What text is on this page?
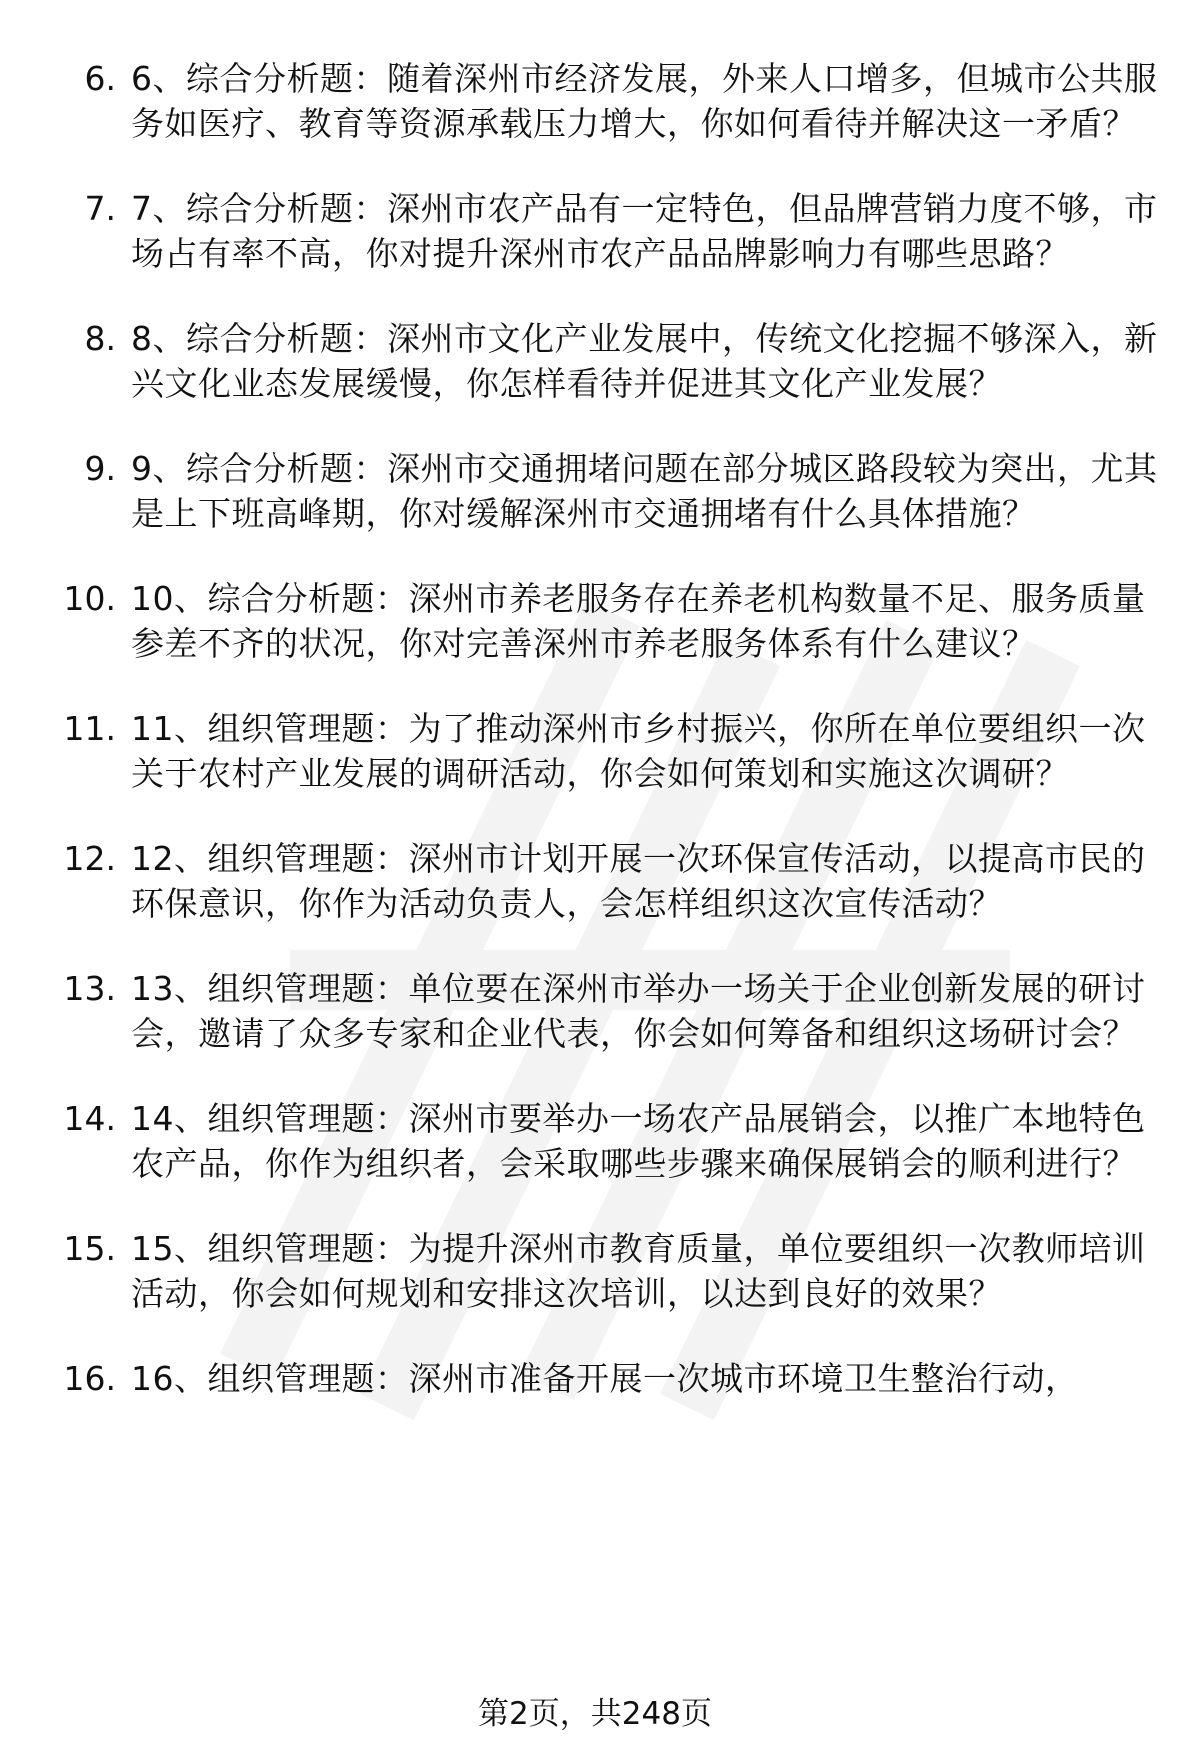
6. 6、综合分析题：随着深州市经济发展，外来人口增多，但城市公共服务如医疗、教育等资源承载压力增大，你如何看待并解决这一矛盾？
7. 7、综合分析题：深州市农产品有一定特色，但品牌营销力度不够，市场占有率不高，你对提升深州市农产品品牌影响力有哪些思路？
8. 8、综合分析题：深州市文化产业发展中，传统文化挖掘不够深入，新兴文化业态发展缓慢，你怎样看待并促进其文化产业发展？
9. 9、综合分析题：深州市交通拥堵问题在部分城区路段较为突出，尤其是上下班高峰期，你对缓解深州市交通拥堵有什么具体措施？
10. 10、综合分析题：深州市养老服务存在养老机构数量不足、服务质量参差不齐的状况，你对完善深州市养老服务体系有什么建议？
11. 11、组织管理题：为了推动深州市乡村振兴，你所在单位要组织一次关于农村产业发展的调研活动，你会如何策划和实施这次调研？
12. 12、组织管理题：深州市计划开展一次环保宣传活动，以提高市民的环保意识，你作为活动负责人，会怎样组织这次宣传活动？
13. 13、组织管理题：单位要在深州市举办一场关于企业创新发展的研讨会，邀请了众多专家和企业代表，你会如何筹备和组织这场研讨会？
14. 14、组织管理题：深州市要举办一场农产品展销会，以推广本地特色农产品，你作为组织者，会采取哪些步骤来确保展销会的顺利进行？
15. 15、组织管理题：为提升深州市教育质量，单位要组织一次教师培训活动，你会如何规划和安排这次培训，以达到良好的效果？
16. 16、组织管理题：深州市准备开展一次城市环境卫生整治行动，
第2页，共248页
